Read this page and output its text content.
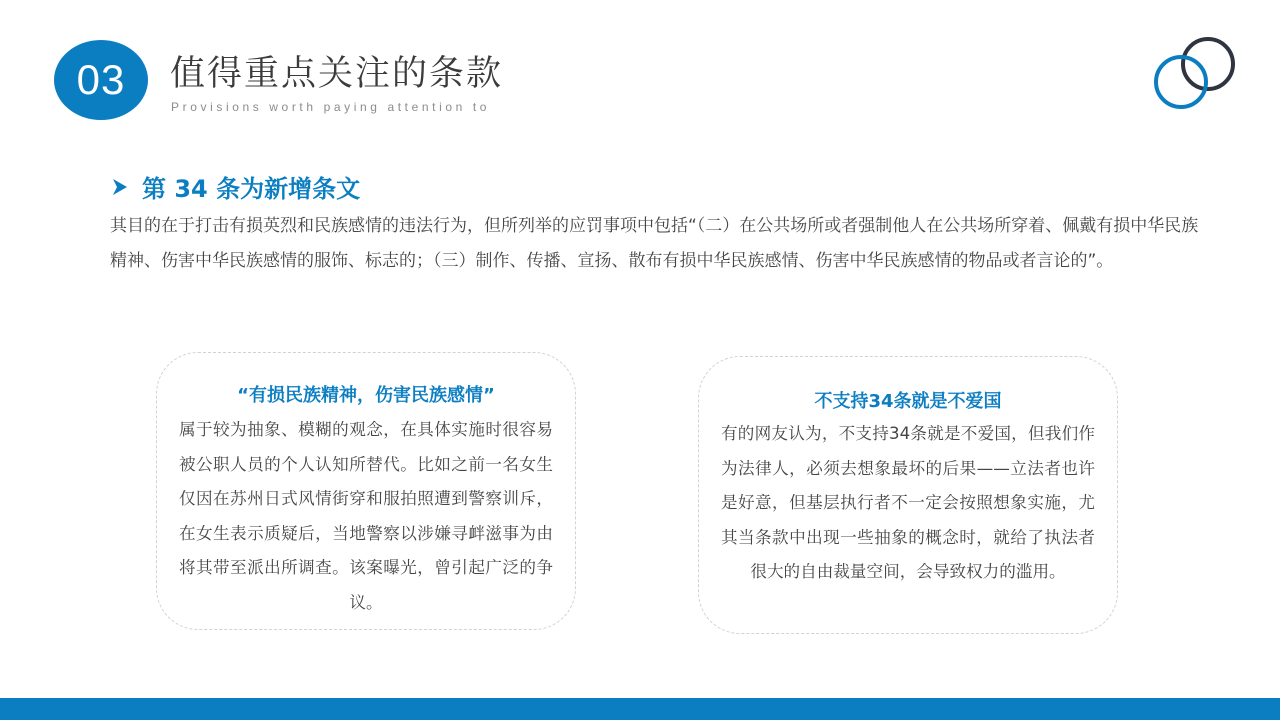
03 值得重点关注的条款
Provisions worth paying attention to
第 34 条为新增条文

其目的在于打击有损英烈和民族感情的违法行为，但所列举的应罚事项中包括“（二）在公共场所或者强制他人在公共场所穿着、佩戴有损中华民族精神、伤害中华民族感情的服饰、标志的；（三）制作、传播、宣扬、散布有损中华民族感情、伤害中华民族感情的物品或者言论的”。

“有损民族精神，伤害民族感情”

属于较为抽象、模糊的观念，在具体实施时很容易被公职人员的个人认知所替代。比如之前一名女生仅因在苏州日式风情街穿和服拍照遭到警察训斥，在女生表示质疑后，当地警察以涉嫌寻衅滋事为由将其带至派出所调查。该案曝光，曾引起广泛的争议。

不支持34条就是不爱国

有的网友认为，不支持34条就是不爱国，但我们作为法律人，必须去想象最坏的后果——立法者也许是好意，但基层执行者不一定会按照想象实施，尤其当条款中出现一些抽象的概念时，就给了执法者很大的自由裁量空间，会导致权力的滥用。
